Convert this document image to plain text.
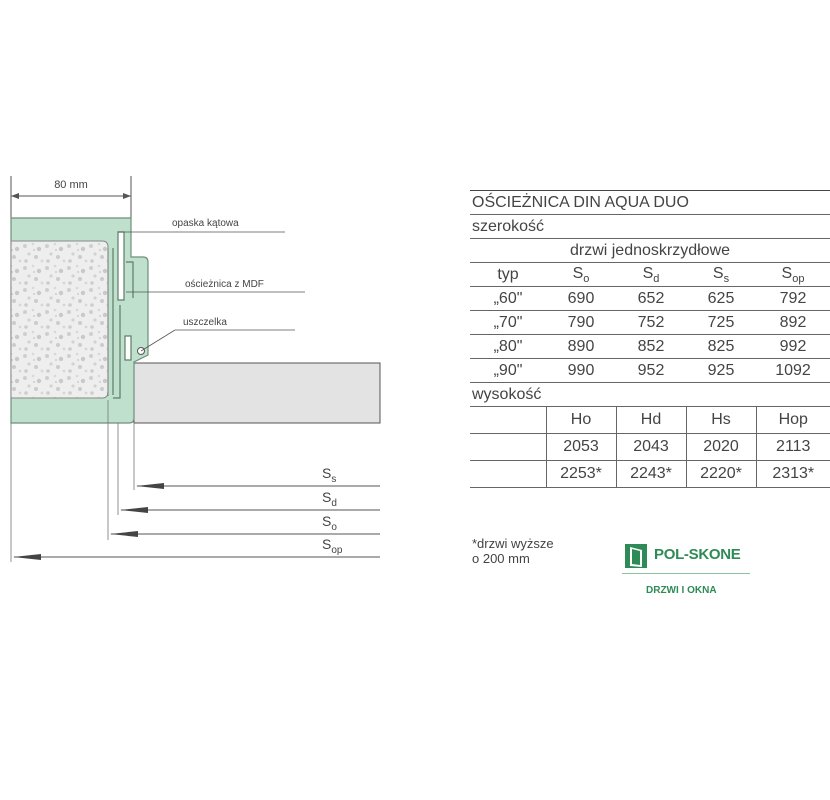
80 mm
opaska kątowa
ościeżnica z MDF
uszczelka
$S_s$
$S_d$
$S_o$
$S_{op}$
OŚCIEŻNICA DIN AQUA DUO				
szerokość				
drzwi jednoskrzydłowe				
typ	$S_o$	$S_d$	$S_s$	$S_{op}$
„60"	690	652	625	792
„70"	790	752	725	892
„80"	890	852	825	992
„90"	990	952	925	1092
wysokość				
	Ho	Hd	Hs	Hop
	2053	2043	2020	2113
	2253*	2243*	2220*	2313*
*drzwi wyższe
o 200 mm	POL-SKONE
DRZWI I OKNA
